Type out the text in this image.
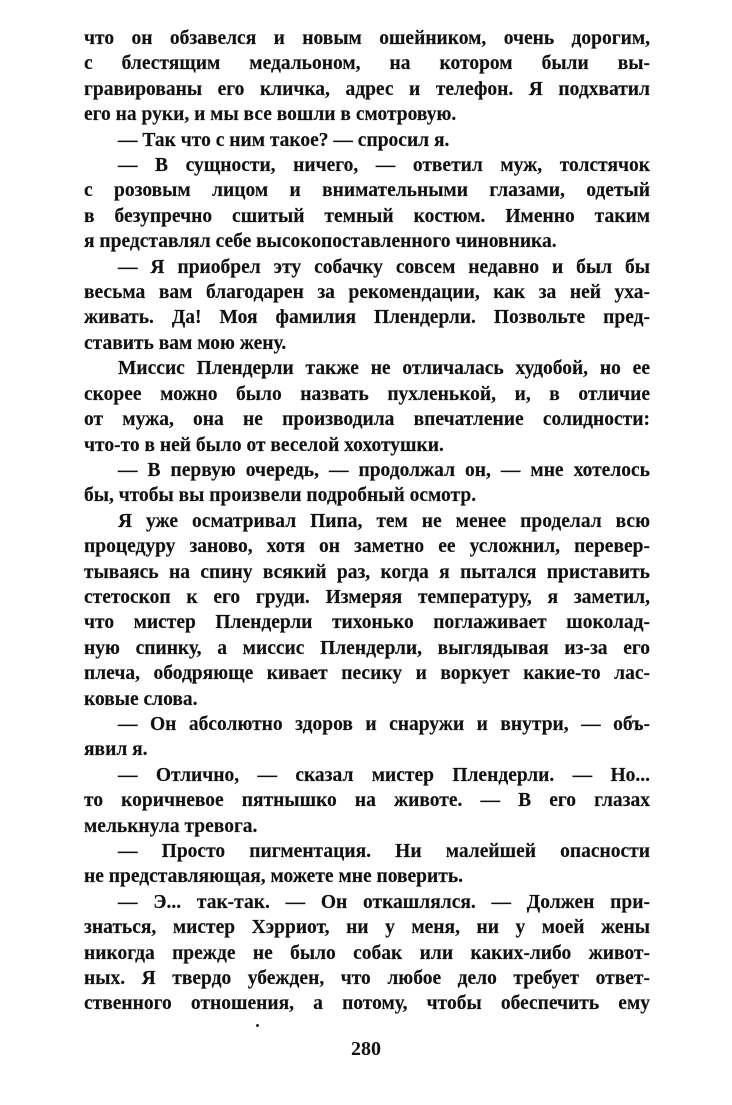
что он обзавелся и новым ошейником, очень дорогим,
с блестящим медальоном, на котором были вы-
гравированы его кличка, адрес и телефон. Я подхватил
его на руки, и мы все вошли в смотровую.
— Так что с ним такое? — спросил я.
— В сущности, ничего, — ответил муж, толстячок
с розовым лицом и внимательными глазами, одетый
в безупречно сшитый темный костюм. Именно таким
я представлял себе высокопоставленного чиновника.
— Я приобрел эту собачку совсем недавно и был бы
весьма вам благодарен за рекомендации, как за ней уха-
живать. Да! Моя фамилия Плендерли. Позвольте пред-
ставить вам мою жену.
Миссис Плендерли также не отличалась худобой, но ее
скорее можно было назвать пухленькой, и, в отличие
от мужа, она не производила впечатление солидности:
что-то в ней было от веселой хохотушки.
— В первую очередь, — продолжал он, — мне хотелось
бы, чтобы вы произвели подробный осмотр.
Я уже осматривал Пипа, тем не менее проделал всю
процедуру заново, хотя он заметно ее усложнил, перевер-
тываясь на спину всякий раз, когда я пытался приставить
стетоскоп к его груди. Измеряя температуру, я заметил,
что мистер Плендерли тихонько поглаживает шоколад-
ную спинку, а миссис Плендерли, выглядывая из-за его
плеча, ободряюще кивает песику и воркует какие-то лас-
ковые слова.
— Он абсолютно здоров и снаружи и внутри, — объ-
явил я.
— Отлично, — сказал мистер Плендерли. — Но...
то коричневое пятнышко на животе. — В его глазах
мелькнула тревога.
— Просто пигментация. Ни малейшей опасности
не представляющая, можете мне поверить.
— Э... так-так. — Он откашлялся. — Должен при-
знаться, мистер Хэрриот, ни у меня, ни у моей жены
никогда прежде не было собак или каких-либо живот-
ных. Я твердо убежден, что любое дело требует ответ-
ственного отношения, а потому, чтобы обеспечить ему
280
